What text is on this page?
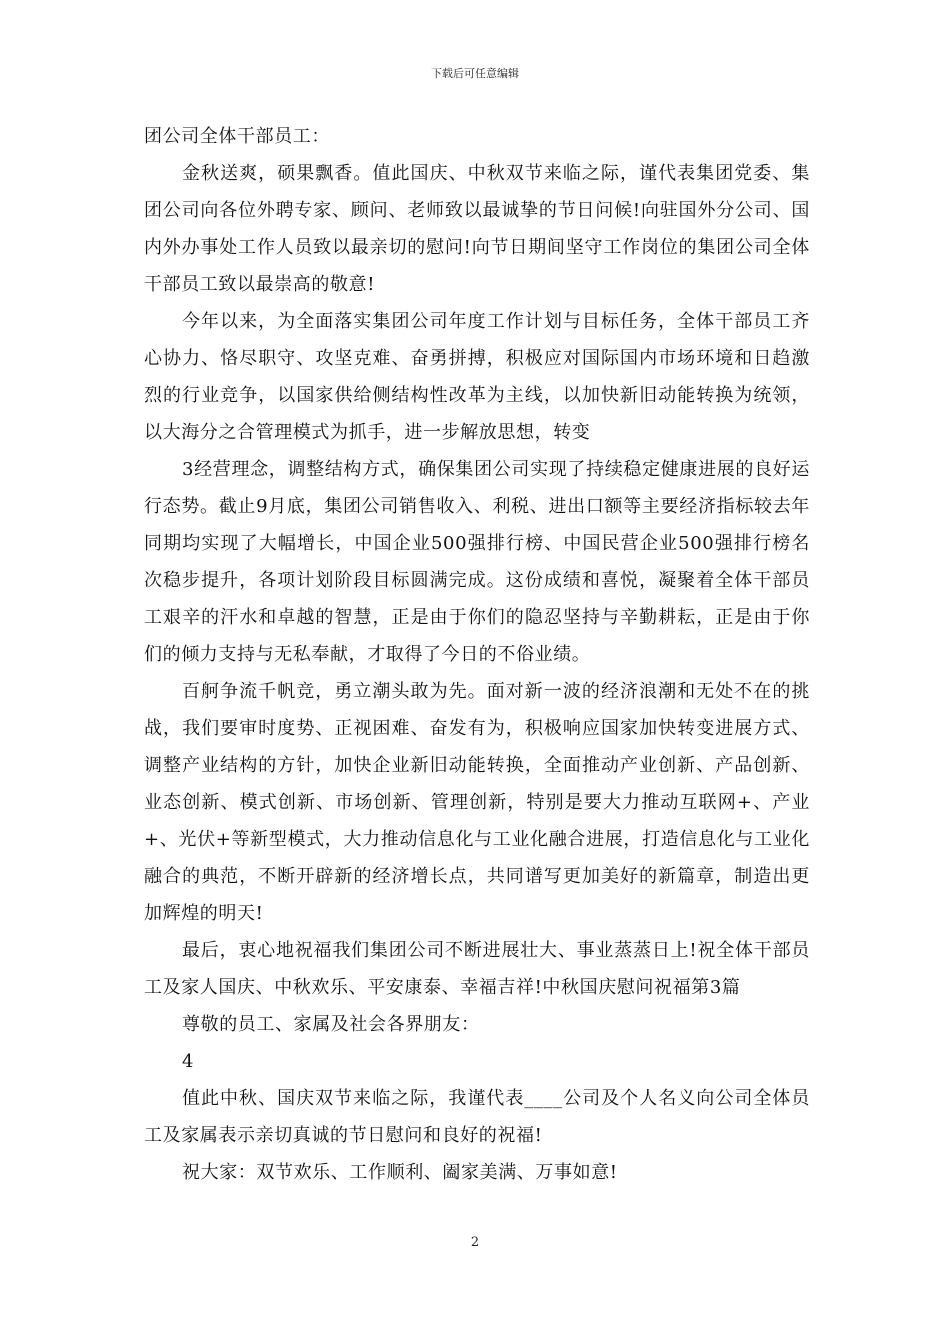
下载后可任意编辑

团公司全体干部员工：

金秋送爽，硕果飘香。值此国庆、中秋双节来临之际，谨代表集团党委、集团公司向各位外聘专家、顾问、老师致以最诚挚的节日问候!向驻国外分公司、国内外办事处工作人员致以最亲切的慰问!向节日期间坚守工作岗位的集团公司全体干部员工致以最崇高的敬意!

今年以来，为全面落实集团公司年度工作计划与目标任务，全体干部员工齐心协力、恪尽职守、攻坚克难、奋勇拼搏，积极应对国际国内市场环境和日趋激烈的行业竞争，以国家供给侧结构性改革为主线，以加快新旧动能转换为统领，以大海分之合管理模式为抓手，进一步解放思想，转变

3经营理念，调整结构方式，确保集团公司实现了持续稳定健康进展的良好运行态势。截止9月底，集团公司销售收入、利税、进出口额等主要经济指标较去年同期均实现了大幅增长，中国企业500强排行榜、中国民营企业500强排行榜名次稳步提升，各项计划阶段目标圆满完成。这份成绩和喜悦，凝聚着全体干部员工艰辛的汗水和卓越的智慧，正是由于你们的隐忍坚持与辛勤耕耘，正是由于你们的倾力支持与无私奉献，才取得了今日的不俗业绩。

百舸争流千帆竞，勇立潮头敢为先。面对新一波的经济浪潮和无处不在的挑战，我们要审时度势、正视困难、奋发有为，积极响应国家加快转变进展方式、调整产业结构的方针，加快企业新旧动能转换，全面推动产业创新、产品创新、业态创新、模式创新、市场创新、管理创新，特别是要大力推动互联网+、产业+、光伏+等新型模式，大力推动信息化与工业化融合进展，打造信息化与工业化融合的典范，不断开辟新的经济增长点，共同谱写更加美好的新篇章，制造出更加辉煌的明天!

最后，衷心地祝福我们集团公司不断进展壮大、事业蒸蒸日上!祝全体干部员工及家人国庆、中秋欢乐、平安康泰、幸福吉祥!中秋国庆慰问祝福第3篇

尊敬的员工、家属及社会各界朋友：

4

值此中秋、国庆双节来临之际，我谨代表____公司及个人名义向公司全体员工及家属表示亲切真诚的节日慰问和良好的祝福!

祝大家：双节欢乐、工作顺利、阖家美满、万事如意!

2
